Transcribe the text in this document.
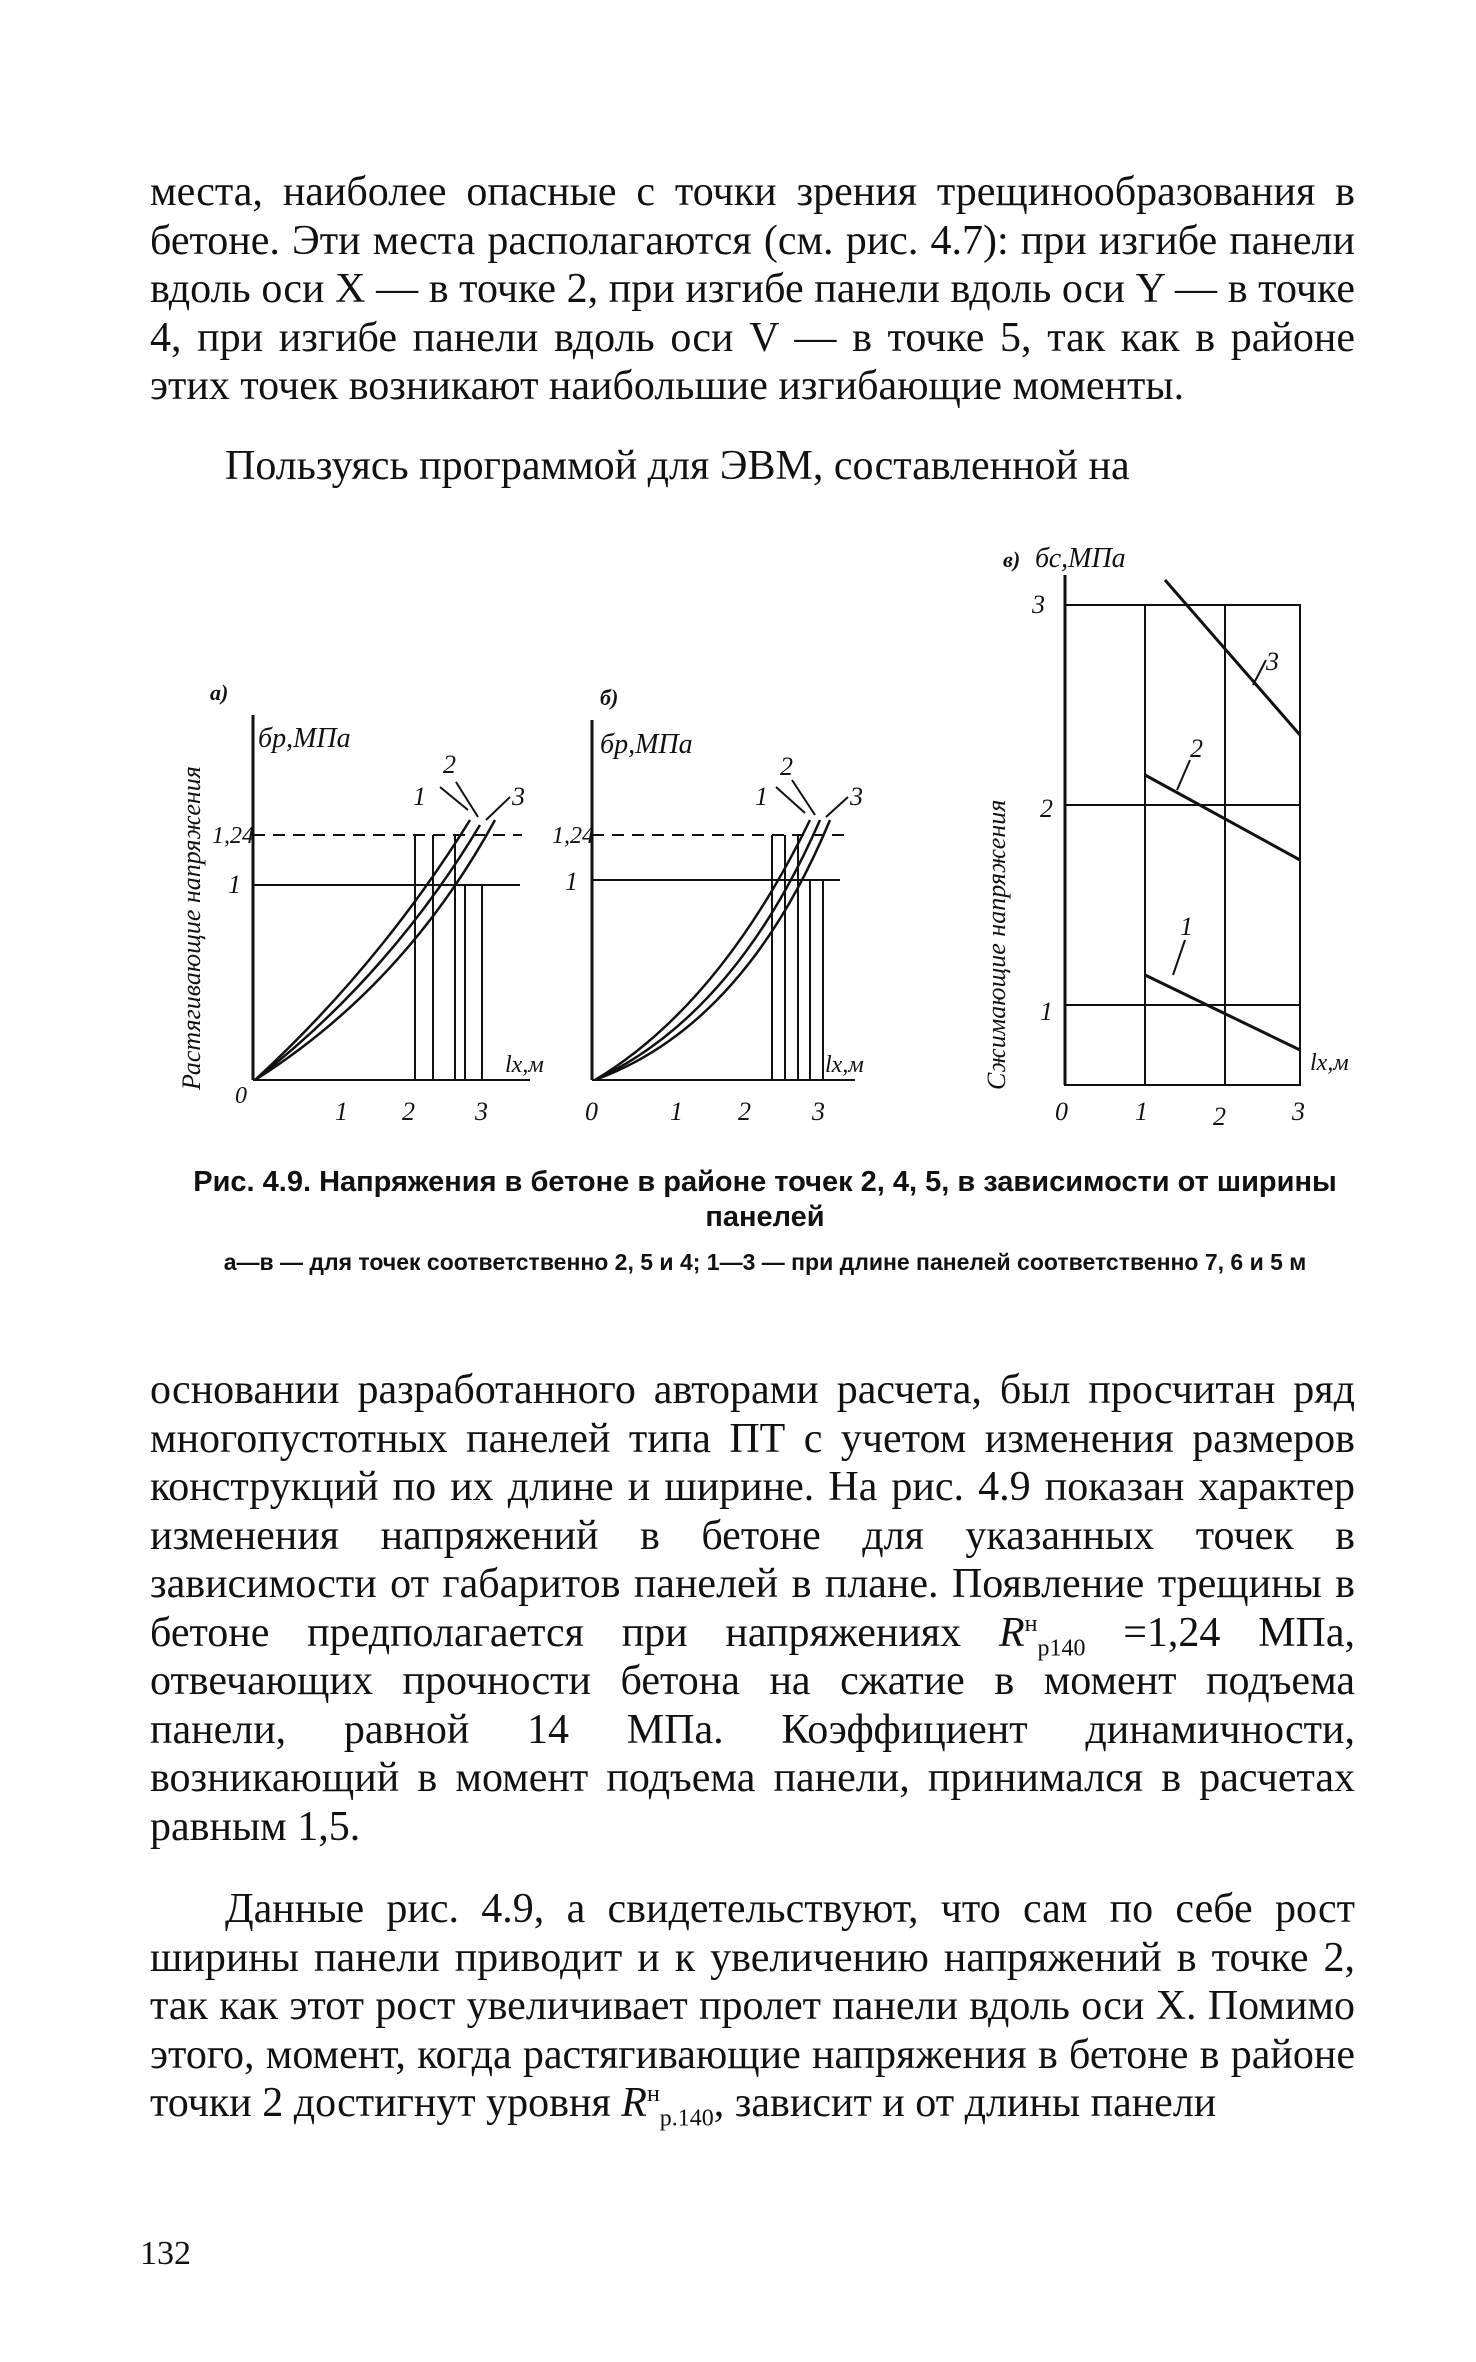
места, наиболее опасные с точки зрения трещинообразования в бетоне. Эти места располагаются (см. рис. 4.7): при изгибе панели вдоль оси X — в точке 2, при изгибе панели вдоль оси Y — в точке 4, при изгибе панели вдоль оси V — в точке 5, так как в районе этих точек возникают наибольшие изгибающие моменты.

Пользуясь программой для ЭВМ, составленной на

а)
Растягивающие напряжения
бр,МПа
1
2
3
1,24
1
0
1 2 3
lx,м
б)
бр,МПа
1
2
3
1,24
1
0	1 2 3
lx,м
в) бс,МПа
Сжимающие напряжения	1
2
3
3
2
1
0	1	2	3
lx,м
Рис. 4.9. Напряжения в бетоне в районе точек 2, 4, 5, в зависимости от ширины панелей
а—в — для точек соответственно 2, 5 и 4; 1—3 — при длине панелей соответственно 7, 6 и 5 м

основании разработанного авторами расчета, был просчитан ряд многопустотных панелей типа ПТ с учетом изменения размеров конструкций по их длине и ширине. На рис. 4.9 показан характер изменения напряжений в бетоне для указанных точек в зависимости от габаритов панелей в плане. Появление трещины в бетоне предполагается при напряжениях $R^н_{р140} =1,24$ МПа, отвечающих прочности бетона на сжатие в момент подъема панели, равной 14 МПа. Коэффициент динамичности, возникающий в момент подъема панели, принимался в расчетах равным 1,5.

Данные рис. 4.9, а свидетельствуют, что сам по себе рост ширины панели приводит и к увеличению напряжений в точке 2, так как этот рост увеличивает пролет панели вдоль оси X. Помимо этого, момент, когда растягивающие напряжения в бетоне в районе точки 2 достигнут уровня $R^н_{р.140}$, зависит и от длины панели

132
